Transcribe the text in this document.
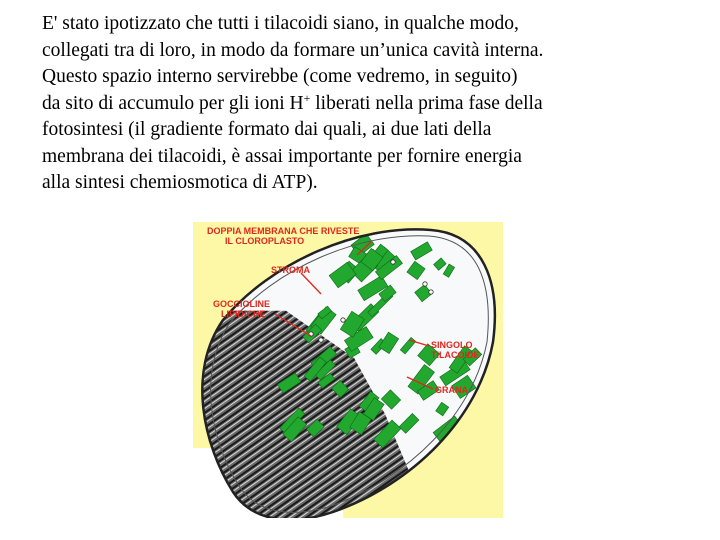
E' stato ipotizzato che tutti i tilacoidi siano, in qualche modo,
collegati tra di loro, in modo da formare un’unica cavità interna.
Questo spazio interno servirebbe (come vedremo, in seguito)
da sito di accumulo per gli ioni H+ liberati nella prima fase della
fotosintesi (il gradiente formato dai quali, ai due lati della
membrana dei tilacoidi, è assai importante per fornire energia
alla sintesi chemiosmotica di ATP).
DOPPIA MEMBRANA CHE RIVESTE
IL CLOROPLASTO
STROMA
GOCCIOLINE
LIPIDICHE
SINGOLO
TILACOIDE
GRANA
